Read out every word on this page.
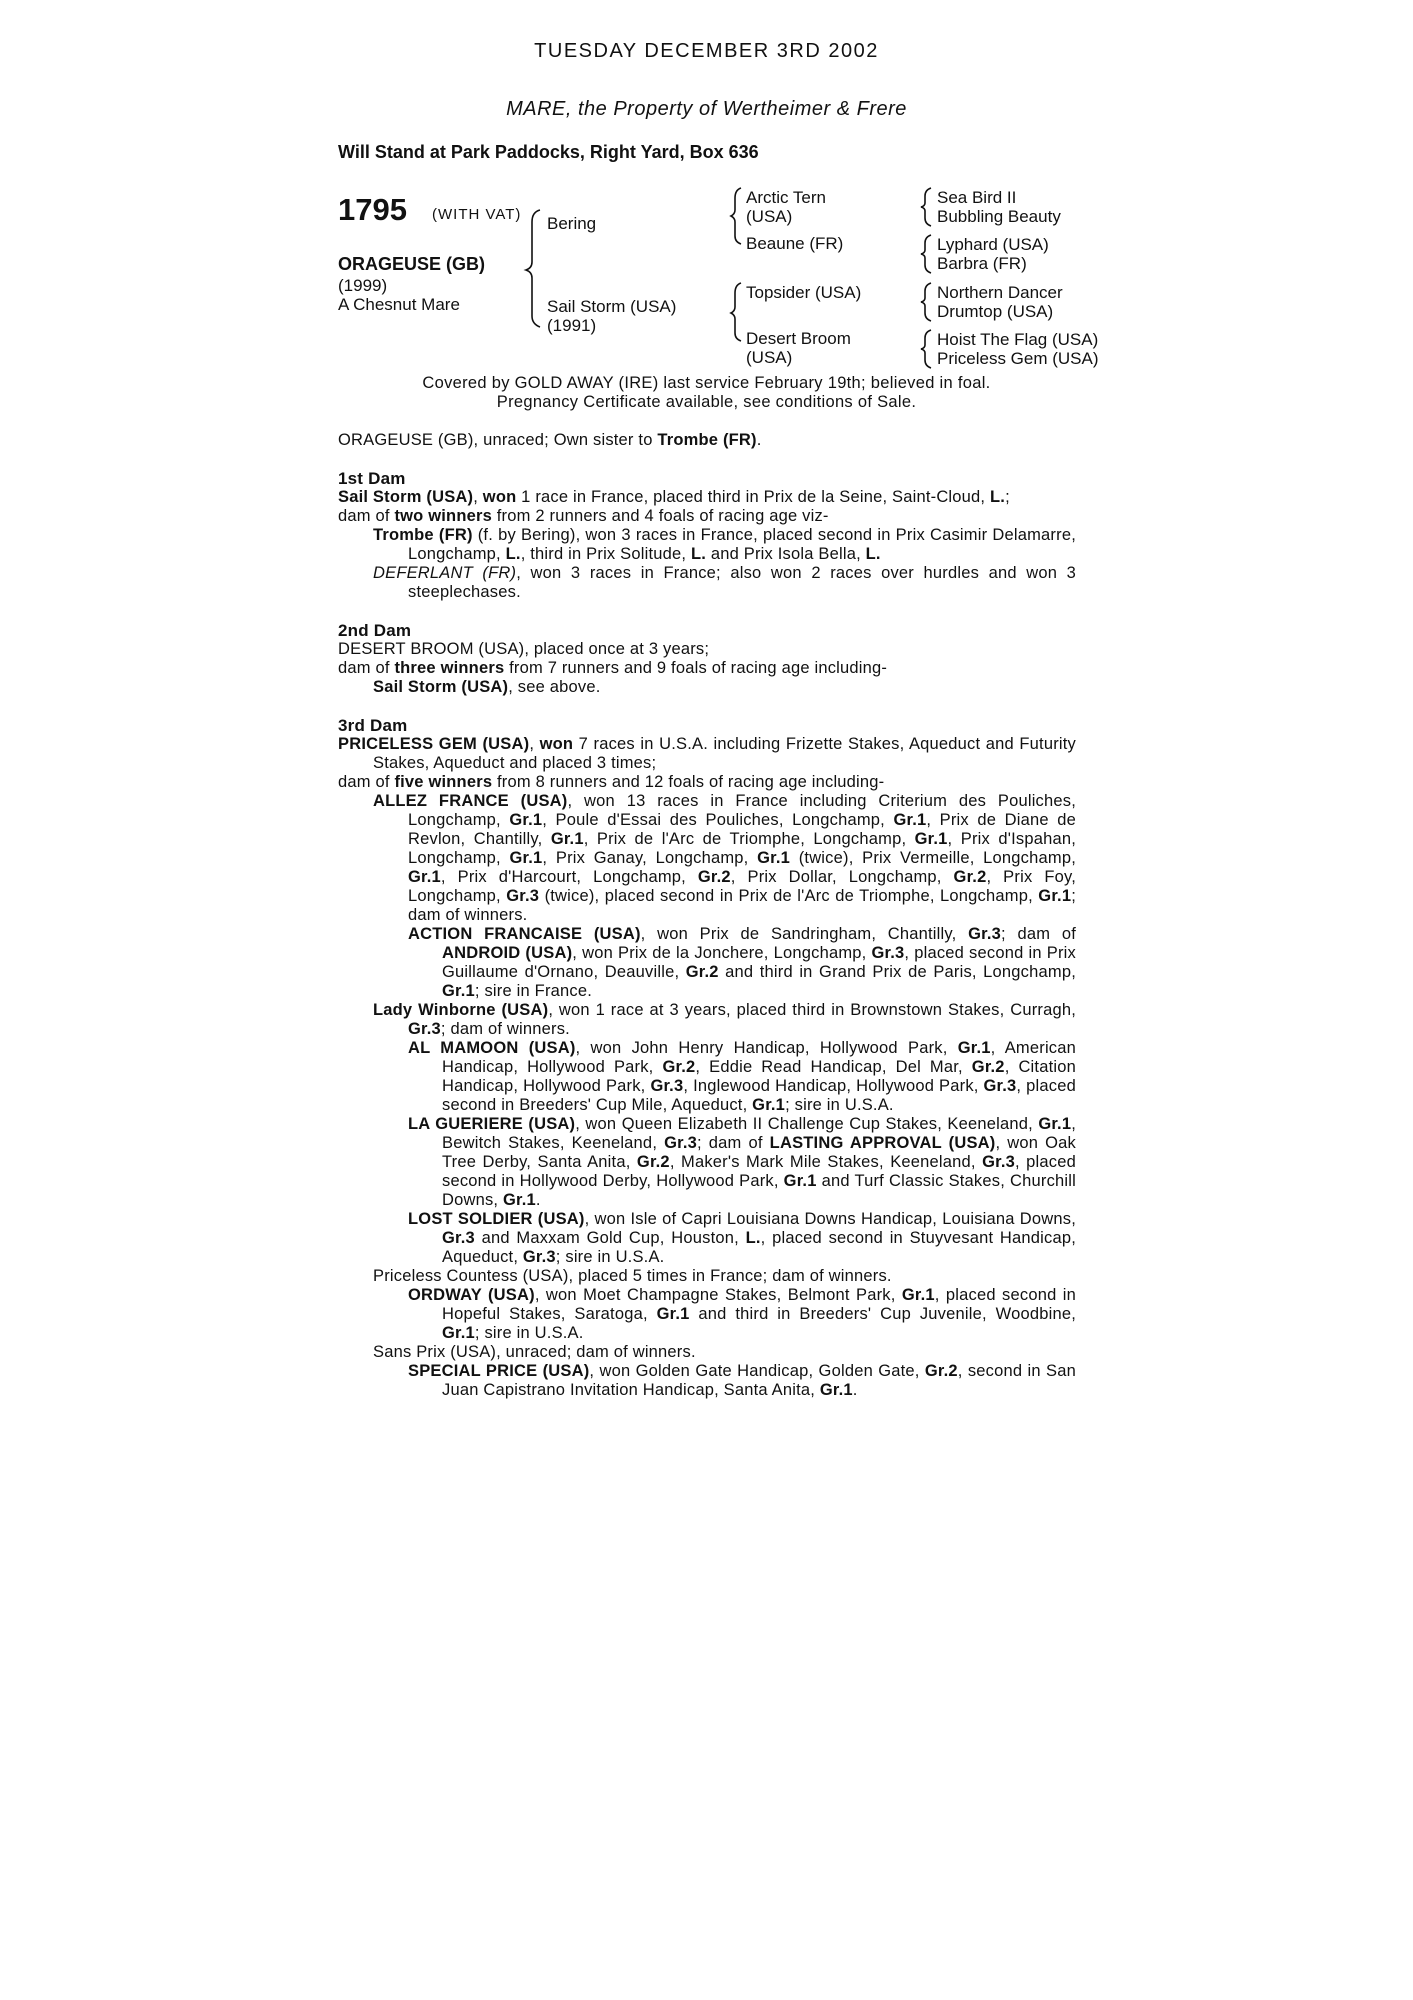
TUESDAY DECEMBER 3RD 2002
MARE, the Property of Wertheimer & Frere
Will Stand at Park Paddocks, Right Yard, Box 636
1795 (WITH VAT)
ORAGEUSE (GB)
(1999)
A Chesnut Mare
Bering
Sail Storm (USA)
(1991)
Arctic Tern
(USA)
Beaune (FR)
Topsider (USA)
Desert Broom
(USA)
Sea Bird II
Bubbling Beauty
Lyphard (USA)
Barbra (FR)
Northern Dancer
Drumtop (USA)
Hoist The Flag (USA)
Priceless Gem (USA)
Covered by GOLD AWAY (IRE) last service February 19th; believed in foal.
Pregnancy Certificate available, see conditions of Sale.

ORAGEUSE (GB), unraced; Own sister to Trombe (FR).

1st Dam

Sail Storm (USA), won 1 race in France, placed third in Prix de la Seine, Saint-Cloud, L.;

dam of two winners from 2 runners and 4 foals of racing age viz-

Trombe (FR) (f. by Bering), won 3 races in France, placed second in Prix Casimir Delamarre, Longchamp, L., third in Prix Solitude, L. and Prix Isola Bella, L.

DEFERLANT (FR), won 3 races in France; also won 2 races over hurdles and won 3 steeplechases.

2nd Dam

DESERT BROOM (USA), placed once at 3 years;

dam of three winners from 7 runners and 9 foals of racing age including-

Sail Storm (USA), see above.

3rd Dam

PRICELESS GEM (USA), won 7 races in U.S.A. including Frizette Stakes, Aqueduct and Futurity Stakes, Aqueduct and placed 3 times;

dam of five winners from 8 runners and 12 foals of racing age including-

ALLEZ FRANCE (USA), won 13 races in France including Criterium des Pouliches, Longchamp, Gr.1, Poule d'Essai des Pouliches, Longchamp, Gr.1, Prix de Diane de Revlon, Chantilly, Gr.1, Prix de l'Arc de Triomphe, Longchamp, Gr.1, Prix d'Ispahan, Longchamp, Gr.1, Prix Ganay, Longchamp, Gr.1 (twice), Prix Vermeille, Longchamp, Gr.1, Prix d'Harcourt, Longchamp, Gr.2, Prix Dollar, Longchamp, Gr.2, Prix Foy, Longchamp, Gr.3 (twice), placed second in Prix de l'Arc de Triomphe, Longchamp, Gr.1; dam of winners.

ACTION FRANCAISE (USA), won Prix de Sandringham, Chantilly, Gr.3; dam of ANDROID (USA), won Prix de la Jonchere, Longchamp, Gr.3, placed second in Prix Guillaume d'Ornano, Deauville, Gr.2 and third in Grand Prix de Paris, Longchamp, Gr.1; sire in France.

Lady Winborne (USA), won 1 race at 3 years, placed third in Brownstown Stakes, Curragh, Gr.3; dam of winners.

AL MAMOON (USA), won John Henry Handicap, Hollywood Park, Gr.1, American Handicap, Hollywood Park, Gr.2, Eddie Read Handicap, Del Mar, Gr.2, Citation Handicap, Hollywood Park, Gr.3, Inglewood Handicap, Hollywood Park, Gr.3, placed second in Breeders' Cup Mile, Aqueduct, Gr.1; sire in U.S.A.

LA GUERIERE (USA), won Queen Elizabeth II Challenge Cup Stakes, Keeneland, Gr.1, Bewitch Stakes, Keeneland, Gr.3; dam of LASTING APPROVAL (USA), won Oak Tree Derby, Santa Anita, Gr.2, Maker's Mark Mile Stakes, Keeneland, Gr.3, placed second in Hollywood Derby, Hollywood Park, Gr.1 and Turf Classic Stakes, Churchill Downs, Gr.1.

LOST SOLDIER (USA), won Isle of Capri Louisiana Downs Handicap, Louisiana Downs, Gr.3 and Maxxam Gold Cup, Houston, L., placed second in Stuyvesant Handicap, Aqueduct, Gr.3; sire in U.S.A.

Priceless Countess (USA), placed 5 times in France; dam of winners.

ORDWAY (USA), won Moet Champagne Stakes, Belmont Park, Gr.1, placed second in Hopeful Stakes, Saratoga, Gr.1 and third in Breeders' Cup Juvenile, Woodbine, Gr.1; sire in U.S.A.

Sans Prix (USA), unraced; dam of winners.

SPECIAL PRICE (USA), won Golden Gate Handicap, Golden Gate, Gr.2, second in San Juan Capistrano Invitation Handicap, Santa Anita, Gr.1.
